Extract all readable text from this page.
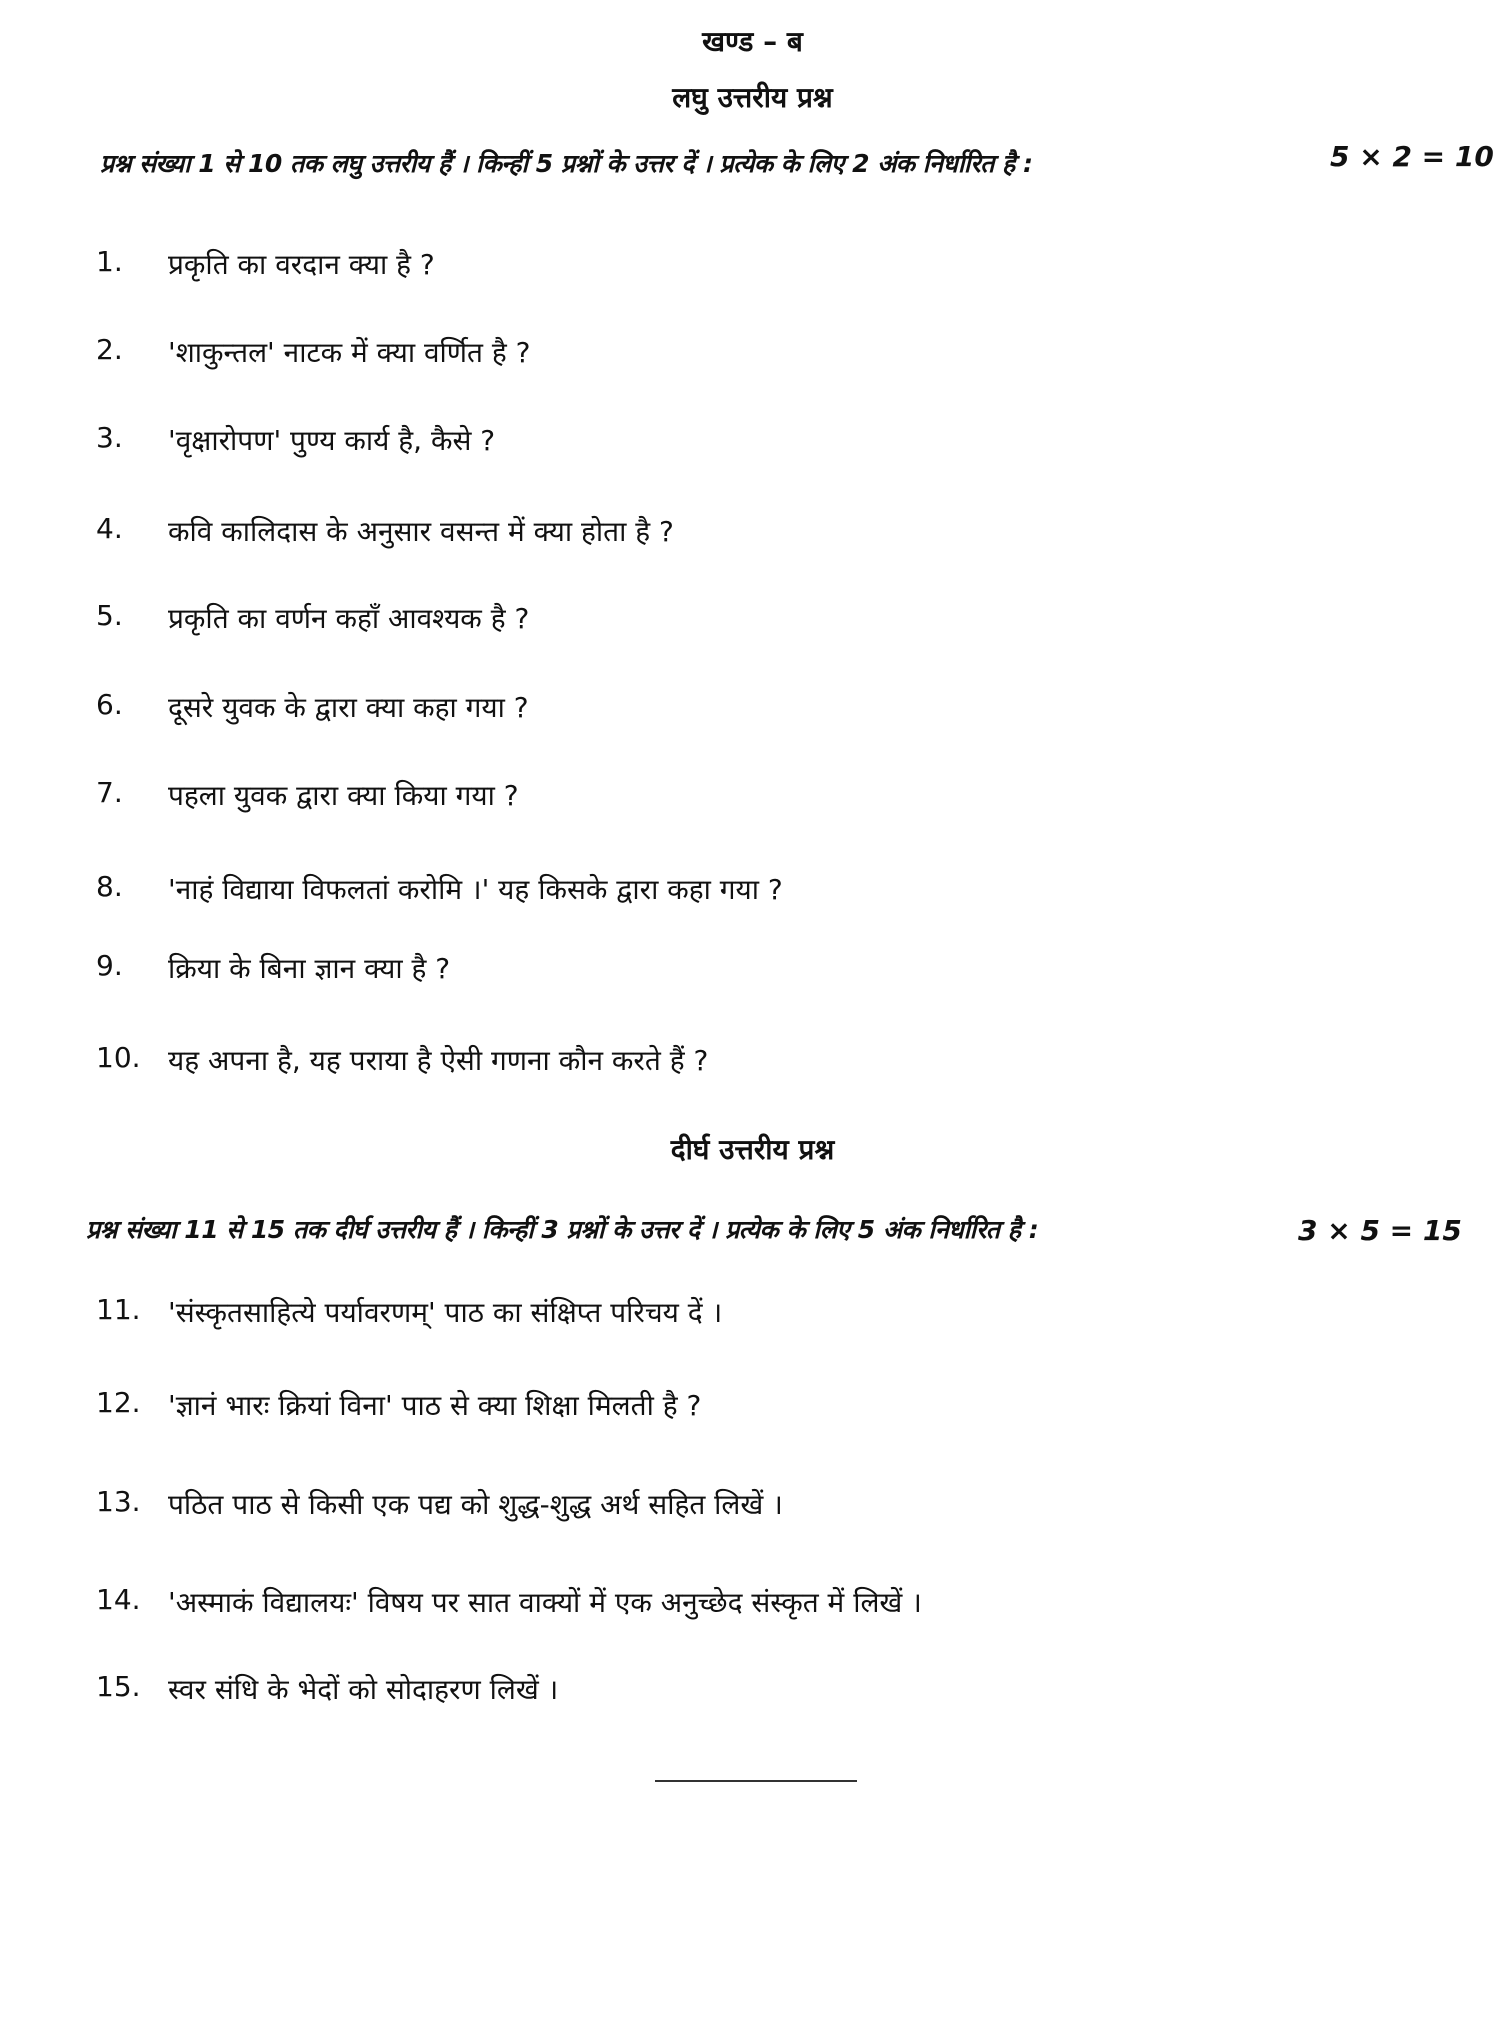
खण्ड – ब
लघु उत्तरीय प्रश्न
प्रश्न संख्या 1 से 10 तक लघु उत्तरीय हैं । किन्हीं 5 प्रश्नों के उत्तर दें । प्रत्येक के लिए 2 अंक निर्धारित है :	5 × 2 = 10
1.	प्रकृति का वरदान क्या है ?
2.	'शाकुन्तल' नाटक में क्या वर्णित है ?
3.	'वृक्षारोपण' पुण्य कार्य है, कैसे ?
4.	कवि कालिदास के अनुसार वसन्त में क्या होता है ?
5.	प्रकृति का वर्णन कहाँ आवश्यक है ?
6.	दूसरे युवक के द्वारा क्या कहा गया ?
7.	पहला युवक द्वारा क्या किया गया ?
8.	'नाहं विद्याया विफलतां करोमि ।' यह किसके द्वारा कहा गया ?
9.	क्रिया के बिना ज्ञान क्या है ?
10. यह अपना है, यह पराया है ऐसी गणना कौन करते हैं ?
दीर्घ उत्तरीय प्रश्न
प्रश्न संख्या 11 से 15 तक दीर्घ उत्तरीय हैं । किन्हीं 3 प्रश्नों के उत्तर दें । प्रत्येक के लिए 5 अंक निर्धारित है :	3 × 5 = 15
11. 'संस्कृतसाहित्ये पर्यावरणम्' पाठ का संक्षिप्त परिचय दें ।
12. 'ज्ञानं भारः क्रियां विना' पाठ से क्या शिक्षा मिलती है ?
13. पठित पाठ से किसी एक पद्य को शुद्ध-शुद्ध अर्थ सहित लिखें ।
14. 'अस्माकं विद्यालयः' विषय पर सात वाक्यों में एक अनुच्छेद संस्कृत में लिखें ।
15. स्वर संधि के भेदों को सोदाहरण लिखें ।
